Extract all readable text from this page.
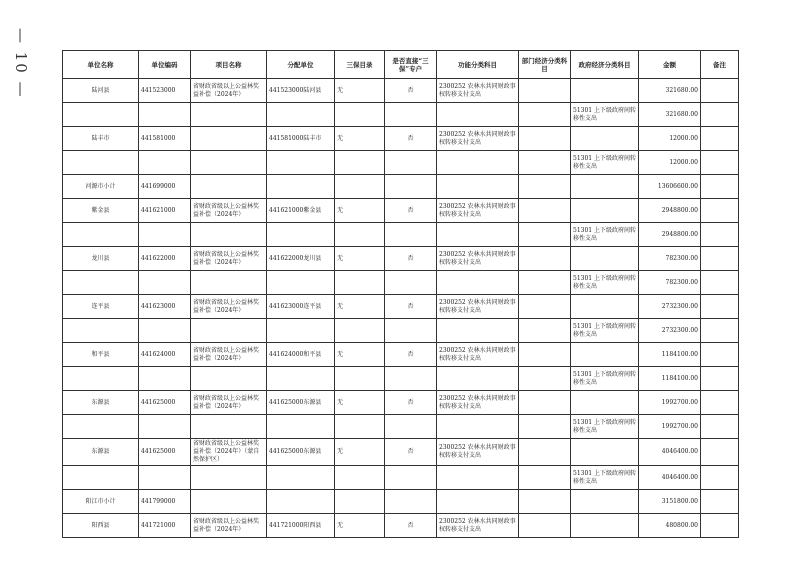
— 10 —	单位名称	单位编码	项目名称	分配单位	三保目录	是否直接“三保”专户	功能分类科目	部门经济分类科目	政府经济分类科目	金额	备注
陆河县	441523000	省财政省级以上公益林奖益补偿（2024年）	441523000陆河县	无	否	2300252 农林水共同财政事权转移支付支出			321680.00	
								51301 上下级政府间转移性支出	321680.00	
陆丰市	441581000		441581000陆丰市	无	否	2300252 农林水共同财政事权转移支付支出			12000.00	
								51301 上下级政府间转移性支出	12000.00	
河源市小计	441699000								13606600.00	
紫金县	441621000	省财政省级以上公益林奖益补偿（2024年）	441621000紫金县	无	否	2300252 农林水共同财政事权转移支付支出			2948800.00	
								51301 上下级政府间转移性支出	2948800.00	
龙川县	441622000	省财政省级以上公益林奖益补偿（2024年）	441622000龙川县	无	否	2300252 农林水共同财政事权转移支付支出			782300.00	
								51301 上下级政府间转移性支出	782300.00	
连平县	441623000	省财政省级以上公益林奖益补偿（2024年）	441623000连平县	无	否	2300252 农林水共同财政事权转移支付支出			2732300.00	
								51301 上下级政府间转移性支出	2732300.00	
和平县	441624000	省财政省级以上公益林奖益补偿（2024年）	441624000和平县	无	否	2300252 农林水共同财政事权转移支付支出			1184100.00	
								51301 上下级政府间转移性支出	1184100.00	
东源县	441625000	省财政省级以上公益林奖益补偿（2024年）	441625000东源县	无	否	2300252 农林水共同财政事权转移支付支出			1992700.00	
								51301 上下级政府间转移性支出	1992700.00	
东源县	441625000	省财政省级以上公益林奖益补偿（2024年）（蒙自然保护区）	441625000东源县	无	否	2300252 农林水共同财政事权转移支付支出			4046400.00	
								51301 上下级政府间转移性支出	4046400.00	
阳江市小计	441799000								3151800.00	
阳西县	441721000	省财政省级以上公益林奖益补偿（2024年）	441721000阳西县	无	否	2300252 农林水共同财政事权转移支付支出			480800.00	
